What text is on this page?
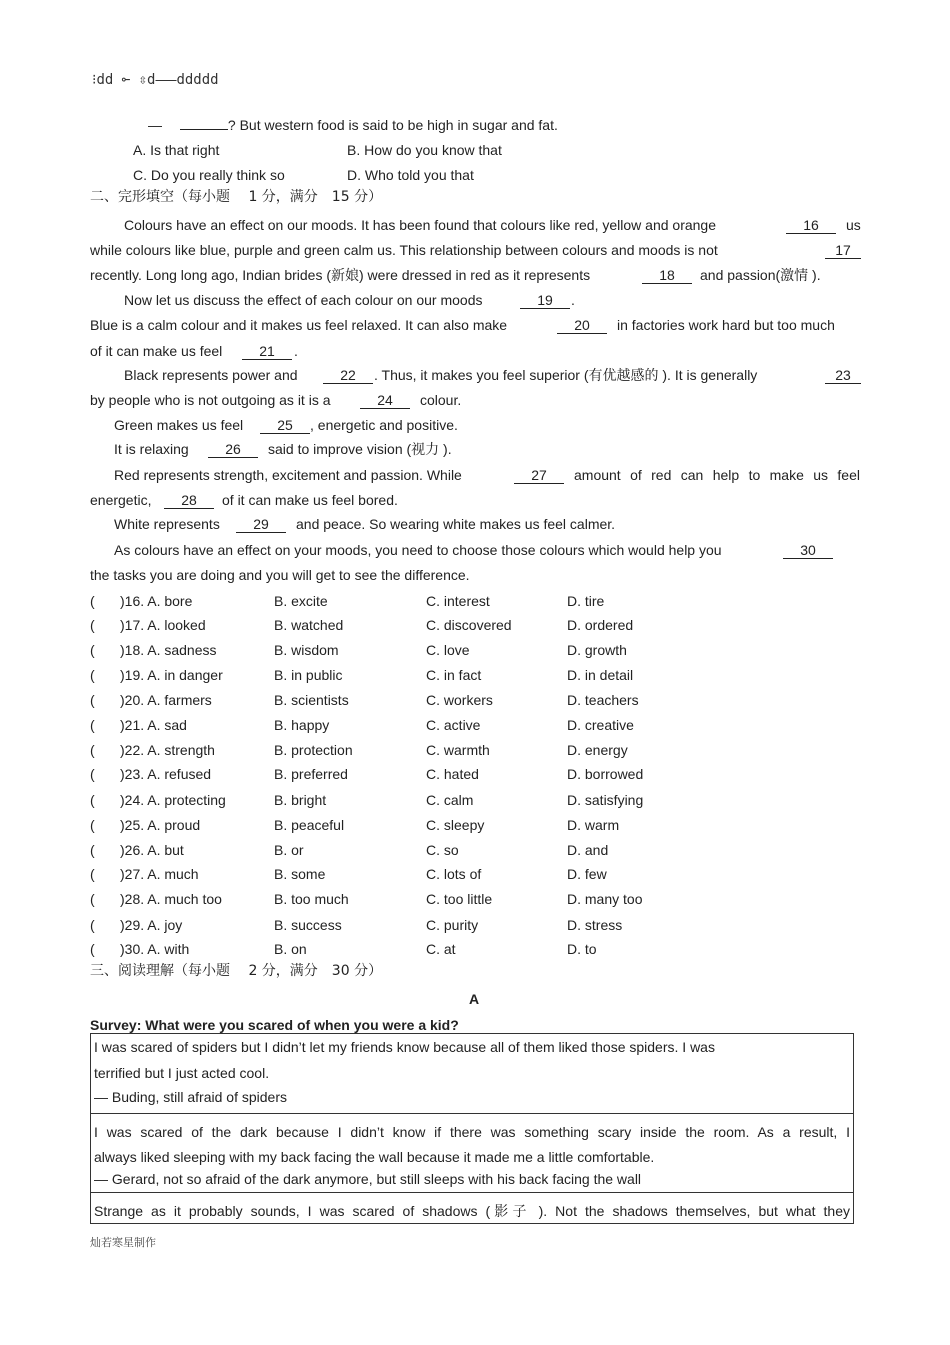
⁝dd ⟜ ⇳d⎯⎯⎯ddddd
—	? But western food is said to be high in sugar and fat.
A. Is that right	B. How do you know that
C. Do you really think so	D. Who told you that
二、完形填空（每小题　 1 分，满分　15 分）
Colours have an effect on our moods. It has been found that colours like red, yellow and orange	16	us
while colours like blue, purple and green calm us. This relationship between colours and moods is not	17
recently. Long long ago, Indian brides (新娘) were dressed in red as it represents	18	and passion(激情 ).
Now let us discuss the effect of each colour on our moods	19	.
Blue is a calm colour and it makes us feel relaxed. It can also make	20	in factories work hard but too much
of it can make us feel	21	.
Black represents power and	22	. Thus, it makes you feel superior (有优越感的 ). It is generally	23
by people who is not outgoing as it is a	24	colour.
Green makes us feel	25	, energetic and positive.
It is relaxing	26	said to improve vision (视力 ).
Red represents strength, excitement and passion. While	27	amount of red can help to make us feel
energetic,	28	of it can make us feel bored.
White represents	29	and peace. So wearing white makes us feel calmer.
As colours have an effect on your moods, you need to choose those colours which would help you	30
the tasks you are doing and you will get to see the difference.
( )16. A. bore	B. excite	C. interest	D. tire
( )17. A. looked	B. watched	C. discovered	D. ordered
( )18. A. sadness	B. wisdom	C. love	D. growth
( )19. A. in danger	B. in public	C. in fact	D. in detail
( )20. A. farmers	B. scientists	C. workers	D. teachers
( )21. A. sad	B. happy	C. active	D. creative
( )22. A. strength	B. protection	C. warmth	D. energy
( )23. A. refused	B. preferred	C. hated	D. borrowed
( )24. A. protecting	B. bright	C. calm	D. satisfying
( )25. A. proud	B. peaceful	C. sleepy	D. warm
( )26. A. but	B. or	C. so	D. and
( )27. A. much	B. some	C. lots of	D. few
( )28. A. much too	B. too much	C. too little	D. many too
( )29. A. joy	B. success	C. purity	D. stress
( )30. A. with	B. on	C. at	D. to
三、阅读理解（每小题　 2 分，满分　30 分）
A
Survey: What were you scared of when you were a kid?
I was scared of spiders but I didn’t let my friends know because all of them liked those spiders. I was
terrified but I just acted cool.
— Buding, still afraid of spiders
I was scared of the dark because I didn’t know if there was something scary inside the room. As a result, I
always liked sleeping with my back facing the wall because it made me a little comfortable.
— Gerard, not so afraid of the dark anymore, but still sleeps with his back facing the wall
Strange as it probably sounds, I was scared of shadows (影子 ). Not the shadows themselves, but what they
灿若寒星制作
